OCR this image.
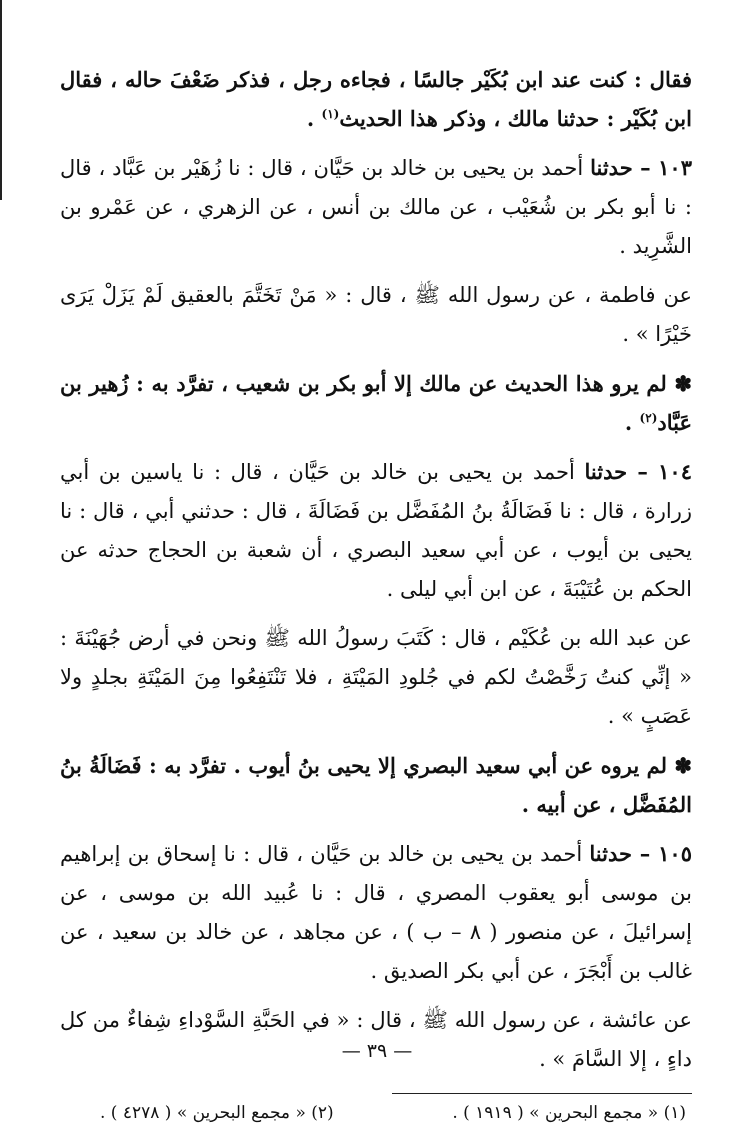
فقال : كنت عند ابن بُكَيْر جالسًا ، فجاءه رجل ، فذكر ضَعْفَ حاله ، فقال ابن بُكَيْر : حدثنا مالك ، وذكر هذا الحديث$^{(١)}$ .

١٠٣ – حدثنا أحمد بن يحيى بن خالد بن حَيَّان ، قال : نا زُهَيْر بن عَبَّاد ، قال : نا أبو بكر بن شُعَيْب ، عن مالك بن أنس ، عن الزهري ، عن عَمْرو بن الشَّرِيد .

عن فاطمة ، عن رسول الله ﷺ ، قال : « مَنْ تَخَتَّمَ بالعقيق لَمْ يَزَلْ يَرَى خَيْرًا » .

✽ لم يرو هذا الحديث عن مالك إلا أبو بكر بن شعيب ، تفرَّد به : زُهير بن عَبَّاد$^{(٢)}$ .

١٠٤ – حدثنا أحمد بن يحيى بن خالد بن حَيَّان ، قال : نا ياسين بن أبي زرارة ، قال : نا فَضَالَةُ بنُ المُفَضَّل بن فَضَالَةَ ، قال : حدثني أبي ، قال : نا يحيى بن أيوب ، عن أبي سعيد البصري ، أن شعبة بن الحجاج حدثه عن الحكم بن عُتَيْبَةَ ، عن ابن أبي ليلى .

عن عبد الله بن عُكَيْم ، قال : كَتَبَ رسولُ الله ﷺ ونحن في أرض جُهَيْنَةَ : « إنِّي كنتُ رَخَّصْتُ لكم في جُلودِ المَيْتَةِ ، فلا تَنْتَفِعُوا مِنَ المَيْتَةِ بجلدٍ ولا عَصَبٍ » .

✽ لم يروه عن أبي سعيد البصري إلا يحيى بنُ أيوب . تفرَّد به : فَضَالَةُ بنُ المُفَضَّل ، عن أبيه .

١٠٥ – حدثنا أحمد بن يحيى بن خالد بن حَيَّان ، قال : نا إسحاق بن إبراهيم بن موسى أبو يعقوب المصري ، قال : نا عُبيد الله بن موسى ، عن إسرائيلَ ، عن منصور ( ٨ – ب ) ، عن مجاهد ، عن خالد بن سعيد ، عن غالب بن أَبْجَرَ ، عن أبي بكر الصديق .

عن عائشة ، عن رسول الله ﷺ ، قال : « في الحَبَّةِ السَّوْداءِ شِفاءٌ من كل داءٍ ، إلا السَّامَ » .

(١) « مجمع البحرين » ( ١٩١٩ ) .
(٢) « مجمع البحرين » ( ٤٢٧٨ ) .
— ٣٩ —
